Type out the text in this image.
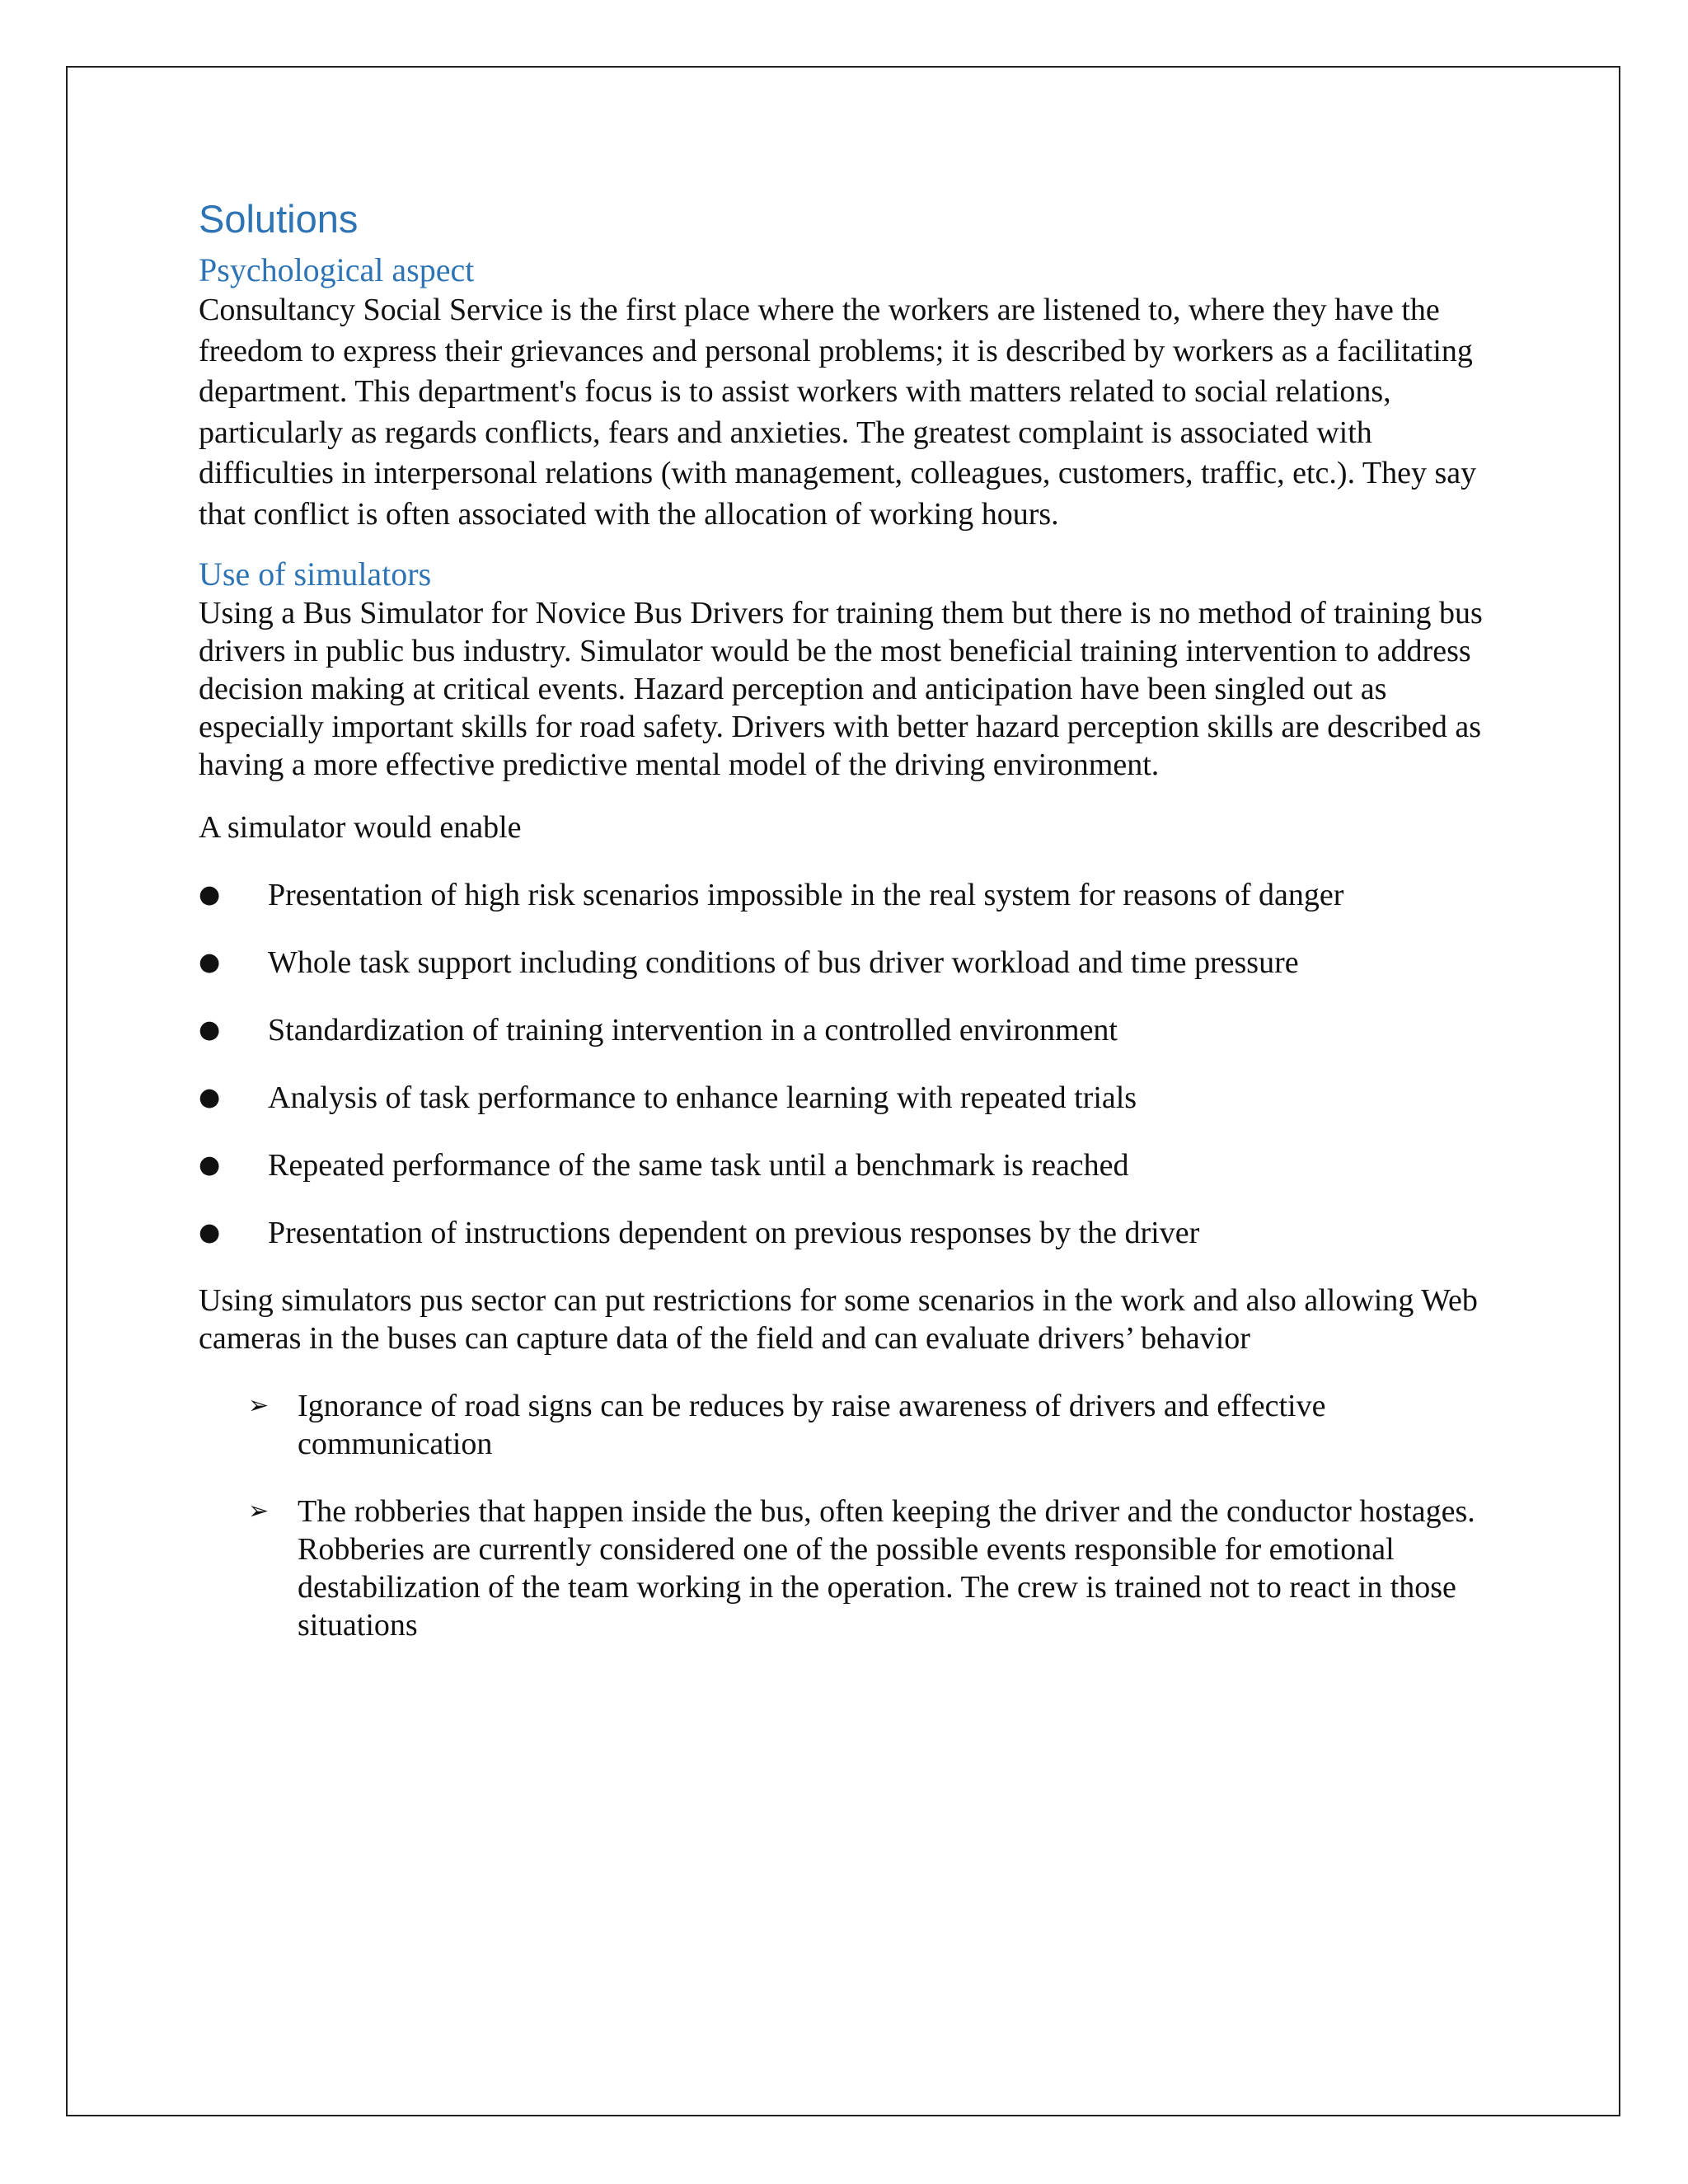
Solutions
Psychological aspect

Consultancy Social Service is the first place where the workers are listened to, where they have the freedom to express their grievances and personal problems; it is described by workers as a facilitating department. This department's focus is to assist workers with matters related to social relations, particularly as regards conflicts, fears and anxieties. The greatest complaint is associated with difficulties in interpersonal relations (with management, colleagues, customers, traffic, etc.). They say that conflict is often associated with the allocation of working hours.

Use of simulators

Using a Bus Simulator for Novice Bus Drivers for training them but there is no method of training bus drivers in public bus industry. Simulator would be the most beneficial training intervention to address decision making at critical events. Hazard perception and anticipation have been singled out as especially important skills for road safety. Drivers with better hazard perception skills are described as having a more effective predictive mental model of the driving environment.

A simulator would enable

● Presentation of high risk scenarios impossible in the real system for reasons of danger
● Whole task support including conditions of bus driver workload and time pressure
● Standardization of training intervention in a controlled environment
● Analysis of task performance to enhance learning with repeated trials
● Repeated performance of the same task until a benchmark is reached
● Presentation of instructions dependent on previous responses by the driver

Using simulators pus sector can put restrictions for some scenarios in the work and also allowing Web cameras in the buses can capture data of the field and can evaluate drivers’ behavior

➢ Ignorance of road signs can be reduces by raise awareness of drivers and effective communication
➢ The robberies that happen inside the bus, often keeping the driver and the conductor hostages. Robberies are currently considered one of the possible events responsible for emotional destabilization of the team working in the operation. The crew is trained not to react in those situations
